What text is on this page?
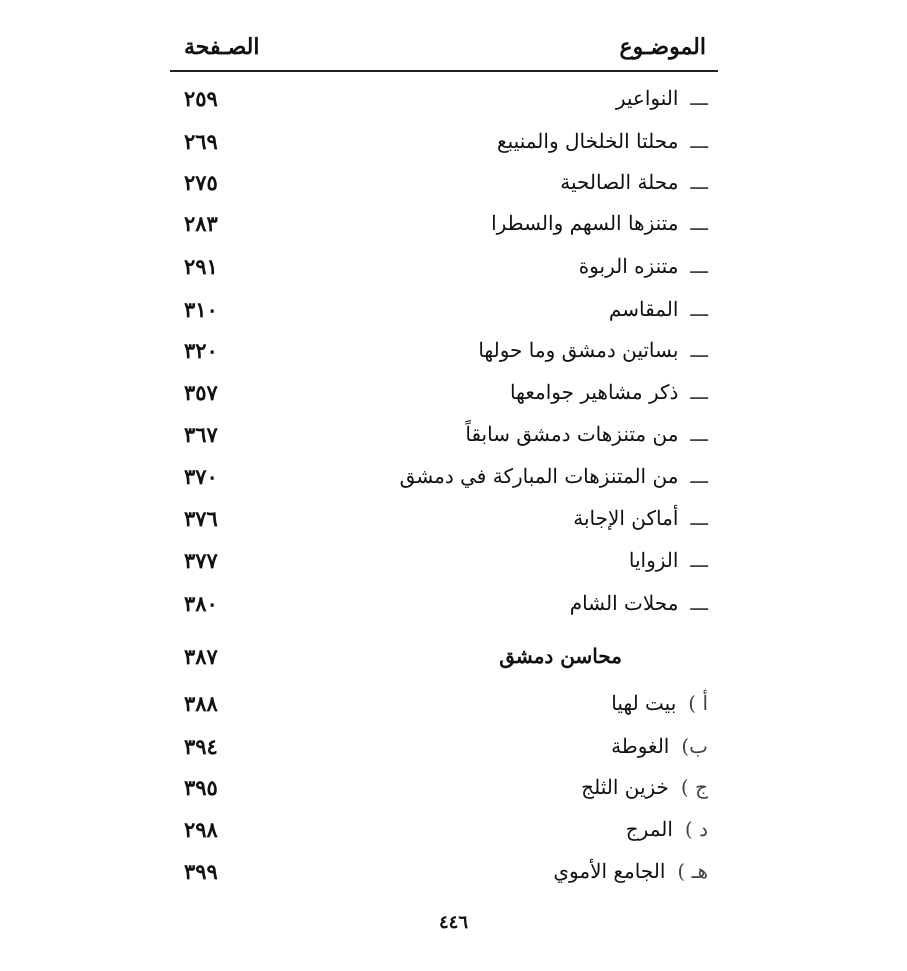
الموضـوع
الصـفحة
ـــالنواعير
٢٥٩
ـــمحلتا الخلخال والمنيبع
٢٦٩
ـــمحلة الصالحية
٢٧٥
ـــمتنزها السهم والسطرا
٢٨٣
ـــمتنزه الربوة
٢٩١
ـــالمقاسم
٣١٠
ـــبساتين دمشق وما حولها
٣٢٠
ـــذكر مشاهير جوامعها
٣٥٧
ـــمن متنزهات دمشق سابقاً
٣٦٧
ـــمن المتنزهات المباركة في دمشق
٣٧٠
ـــأماكن الإجابة
٣٧٦
ـــالزوايا
٣٧٧
ـــمحلات الشام
٣٨٠
محاسن دمشق
٣٨٧
أ )بيت لهيا
٣٨٨
ب)الغوطة
٣٩٤
ج )خزين الثلج
٣٩٥
د )المرج
٢٩٨
هـ )الجامع الأموي
٣٩٩
٤٤٦
